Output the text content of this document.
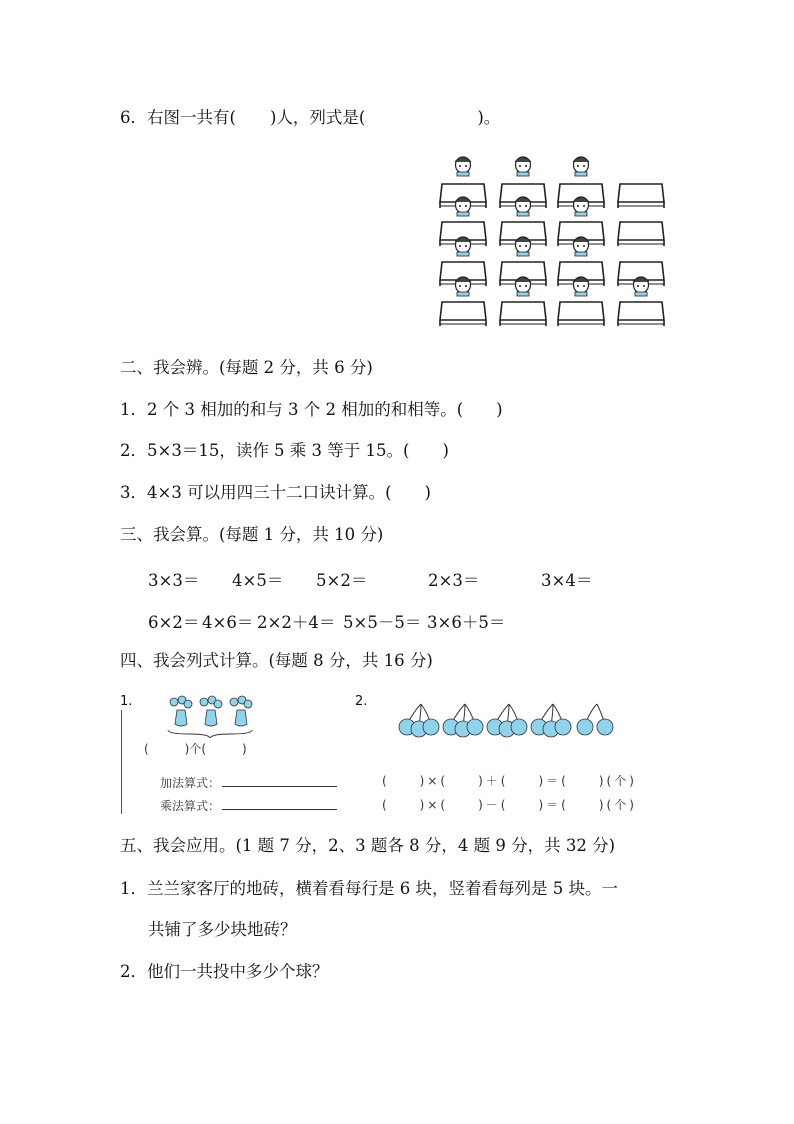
6．右图一共有( )人，列式是(	)。
二、我会辨。(每题 2 分，共 6 分)
1．2 个 3 相加的和与 3 个 2 相加的和相等。(　　)
2．5×3＝15，读作 5 乘 3 等于 15。(　　)
3．4×3 可以用四三十二口诀计算。(　　)
三、我会算。(每题 1 分，共 10 分)
3×3＝ 4×5＝ 5×2＝	2×3＝	3×4＝
6×2＝ 4×6＝ 2×2＋4＝ 5×5－5＝ 3×6＋5＝
四、我会列式计算。(每题 8 分，共 16 分)
1.
(　　　)个(　　　)
加法算式：
乘法算式：
2.
(　　)×(　　)＋(　　)＝(　　)(个)
(　　)×(　　)－(　　)＝(　　)(个)
五、我会应用。(1 题 7 分，2、3 题各 8 分，4 题 9 分，共 32 分)
1．兰兰家客厅的地砖，横着看每行是 6 块，竖着看每列是 5 块。一
共铺了多少块地砖？
2．他们一共投中多少个球？
